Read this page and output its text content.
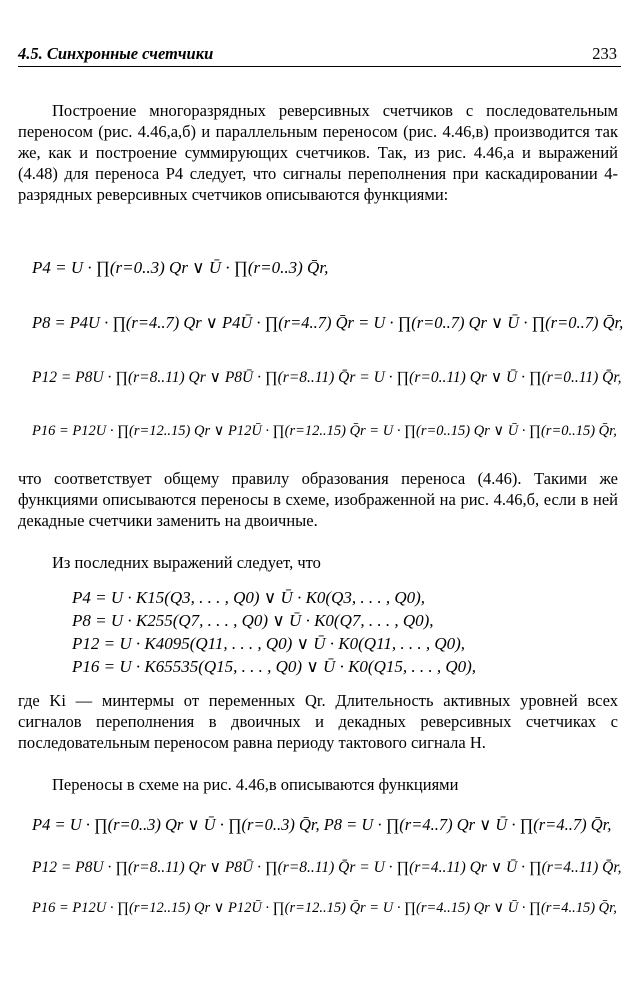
4.5. Синхронные счетчики	233

Построение многоразрядных реверсивных счетчиков с последовательным переносом (рис. 4.46,а,б) и параллельным переносом (рис. 4.46,в) производится так же, как и построение суммирующих счетчиков. Так, из рис. 4.46,а и выражений (4.48) для переноса P4 следует, что сигналы переполнения при каскадировании 4-разрядных реверсивных счетчиков описываются функциями:

P4 = U · ∏(r=0..3) Qr ∨ Ū · ∏(r=0..3) Q̄r,
P8 = P4U · ∏(r=4..7) Qr ∨ P4Ū · ∏(r=4..7) Q̄r = U · ∏(r=0..7) Qr ∨ Ū · ∏(r=0..7) Q̄r,
P12 = P8U · ∏(r=8..11) Qr ∨ P8Ū · ∏(r=8..11) Q̄r = U · ∏(r=0..11) Qr ∨ Ū · ∏(r=0..11) Q̄r,
P16 = P12U · ∏(r=12..15) Qr ∨ P12Ū · ∏(r=12..15) Q̄r = U · ∏(r=0..15) Qr ∨ Ū · ∏(r=0..15) Q̄r,

что соответствует общему правилу образования переноса (4.46). Такими же функциями описываются переносы в схеме, изображенной на рис. 4.46,б, если в ней декадные счетчики заменить на двоичные.

Из последних выражений следует, что

P4 = U · K15(Q3, . . . , Q0) ∨ Ū · K0(Q3, . . . , Q0),
P8 = U · K255(Q7, . . . , Q0) ∨ Ū · K0(Q7, . . . , Q0),
P12 = U · K4095(Q11, . . . , Q0) ∨ Ū · K0(Q11, . . . , Q0),
P16 = U · K65535(Q15, . . . , Q0) ∨ Ū · K0(Q15, . . . , Q0),

где Ki — минтермы от переменных Qr. Длительность активных уровней всех сигналов переполнения в двоичных и декадных реверсивных счетчиках с последовательным переносом равна периоду тактового сигнала H.

Переносы в схеме на рис. 4.46,в описываются функциями

P4 = U · ∏(r=0..3) Qr ∨ Ū · ∏(r=0..3) Q̄r, P8 = U · ∏(r=4..7) Qr ∨ Ū · ∏(r=4..7) Q̄r,
P12 = P8U · ∏(r=8..11) Qr ∨ P8Ū · ∏(r=8..11) Q̄r = U · ∏(r=4..11) Qr ∨ Ū · ∏(r=4..11) Q̄r,
P16 = P12U · ∏(r=12..15) Qr ∨ P12Ū · ∏(r=12..15) Q̄r = U · ∏(r=4..15) Qr ∨ Ū · ∏(r=4..15) Q̄r,
